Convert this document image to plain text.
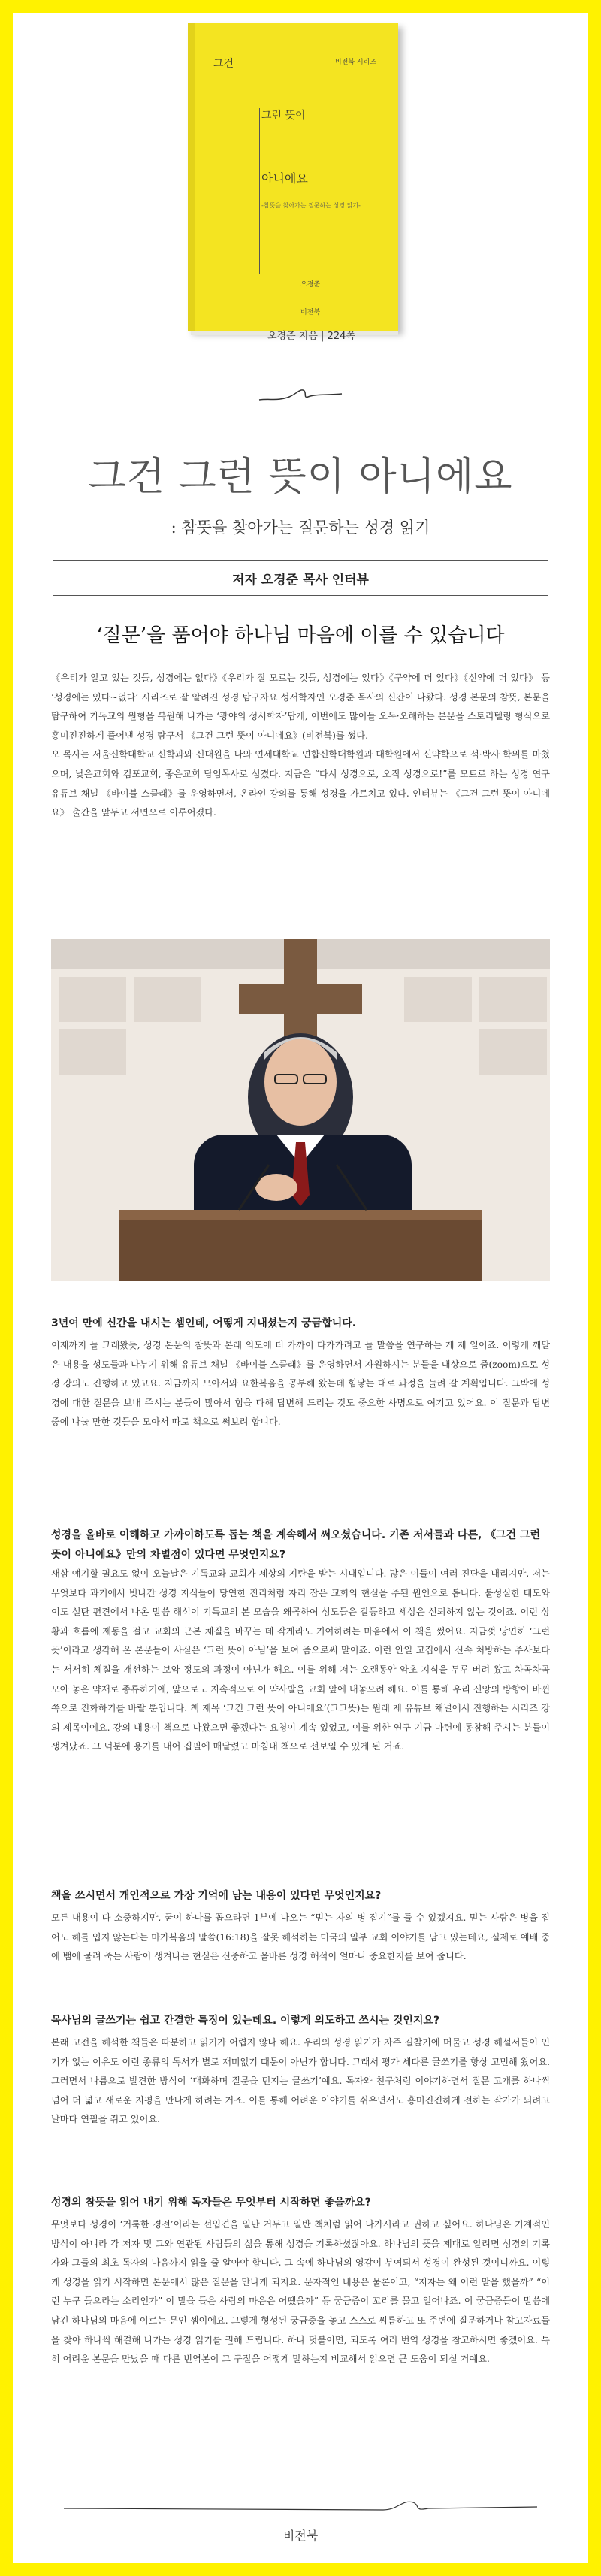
그건	비전북 시리즈
그런 뜻이
아니에요
-참뜻을 찾아가는 질문하는 성경 읽기-
오경준
비전북
오경준 지음 | 224쪽
그건 그런 뜻이 아니에요
: 참뜻을 찾아가는 질문하는 성경 읽기
저자 오경준 목사 인터뷰
‘질문’을 품어야 하나님 마음에 이를 수 있습니다
《우리가 알고 있는 것들, 성경에는 없다》《우리가 잘 모르는 것들, 성경에는 있다》《구약에 더 있다》《신약에 더 있다》 등 ‘성경에는 있다~없다’ 시리즈로 잘 알려진 성경 탐구자요 성서학자인 오경준 목사의 신간이 나왔다. 성경 본문의 참뜻, 본문을 탐구하여 기독교의 원형을 복원해 나가는 ‘광야의 성서학자’답게, 이번에도 많이들 오독·오해하는 본문을 스토리텔링 형식으로 흥미진진하게 풀어낸 성경 탐구서 《그건 그런 뜻이 아니에요》(비전북)를 썼다.
오 목사는 서울신학대학교 신학과와 신대원을 나와 연세대학교 연합신학대학원과 대학원에서 신약학으로 석·박사 학위를 마쳤으며, 낮은교회와 김포교회, 좋은교회 담임목사로 섬겼다. 지금은 “다시 성경으로, 오직 성경으로!”를 모토로 하는 성경 연구 유튜브 채널 《바이블 스클래》를 운영하면서, 온라인 강의를 통해 성경을 가르치고 있다. 인터뷰는 《그건 그런 뜻이 아니에요》 출간을 앞두고 서면으로 이루어졌다.
3년여 만에 신간을 내시는 셈인데, 어떻게 지내셨는지 궁금합니다.
이제까지 늘 그래왔듯, 성경 본문의 참뜻과 본래 의도에 더 가까이 다가가려고 늘 말씀을 연구하는 게 제 일이죠. 이렇게 깨달은 내용을 성도들과 나누기 위해 유튜브 채널 《바이블 스클래》를 운영하면서 자원하시는 분들을 대상으로 줌(zoom)으로 성경 강의도 진행하고 있고요. 지금까지 모아서와 요한복음을 공부해 왔는데 힘닿는 대로 과정을 늘려 갈 계획입니다. 그밖에 성경에 대한 질문을 보내 주시는 분들이 많아서 힘을 다해 답변해 드리는 것도 중요한 사명으로 여기고 있어요. 이 질문과 답변 중에 나눌 만한 것들을 모아서 따로 책으로 써보려 합니다.
성경을 올바로 이해하고 가까이하도록 돕는 책을 계속해서 써오셨습니다. 기존 저서들과 다른, 《그건 그런 뜻이 아니에요》만의 차별점이 있다면 무엇인지요?
새삼 얘기할 필요도 없이 오늘날은 기독교와 교회가 세상의 지탄을 받는 시대입니다. 많은 이들이 여러 진단을 내리지만, 저는 무엇보다 과거에서 빗나간 성경 지식들이 당연한 진리처럼 자리 잡은 교회의 현실을 주된 원인으로 봅니다. 불성실한 태도와 이도 설탄 편견에서 나온 말씀 해석이 기독교의 본 모습을 왜곡하여 성도들은 갈등하고 세상은 신뢰하지 않는 것이죠. 이런 상황과 흐름에 제동을 걸고 교회의 근본 체질을 바꾸는 데 작게라도 기여하려는 마음에서 이 책을 썼어요. 지금껏 당연히 ‘그런 뜻’이라고 생각해 온 본문들이 사실은 ‘그런 뜻이 아님’을 보여 줌으로써 말이죠. 이런 안일 고집에서 신속 처방하는 주사보다는 서서히 체질을 개선하는 보약 정도의 과정이 아닌가 해요. 이를 위해 저는 오랜동안 약초 지식을 두루 버려 왔고 차곡차곡 모아 놓은 약재로 종류하기에, 앞으로도 지속적으로 이 약사발을 교회 앞에 내놓으려 해요. 이를 통해 우리 신앙의 방향이 바뀐 쪽으로 진화하기를 바랄 뿐입니다. 책 제목 ‘그건 그런 뜻이 아니에요’(그그뜻)는 원래 제 유튜브 채널에서 진행하는 시리즈 강의 제목이에요. 강의 내용이 책으로 나왔으면 좋겠다는 요청이 계속 있었고, 이를 위한 연구 기금 마련에 동참해 주시는 분들이 생겨났죠. 그 덕분에 용기를 내어 집필에 매달렸고 마침내 책으로 선보일 수 있게 된 거죠.
책을 쓰시면서 개인적으로 가장 기억에 남는 내용이 있다면 무엇인지요?
모든 내용이 다 소중하지만, 굳이 하나를 꼽으라면 1부에 나오는 “믿는 자의 병 집기”를 들 수 있겠지요. 믿는 사람은 병을 집어도 해를 입지 않는다는 마가복음의 말씀(16:18)을 잘못 해석하는 미국의 일부 교회 이야기를 담고 있는데요, 실제로 예배 중에 뱀에 물려 죽는 사람이 생겨나는 현실은 신중하고 올바른 성경 해석이 얼마나 중요한지를 보여 줍니다.
목사님의 글쓰기는 쉽고 간결한 특징이 있는데요. 이렇게 의도하고 쓰시는 것인지요?
본래 고전을 해석한 책들은 따분하고 읽기가 어렵지 않나 해요. 우리의 성경 읽기가 자주 길찰기에 머물고 성경 해설서들이 인기가 없는 이유도 이런 종류의 독서가 별로 재미없기 때문이 아닌가 합니다. 그래서 평가 세다른 글쓰기를 항상 고민해 왔어요. 그러면서 나름으로 발견한 방식이 ‘대화하며 질문을 던지는 글쓰기’예요. 독자와 친구처럼 이야기하면서 질문 고개를 하나씩 넘어 더 넓고 새로운 지평을 만나게 하려는 거죠. 이를 통해 어려운 이야기를 쉬우면서도 흥미진진하게 전하는 작가가 되려고 날마다 연필을 쥐고 있어요.
성경의 참뜻을 읽어 내기 위해 독자들은 무엇부터 시작하면 좋을까요?
무엇보다 성경이 ‘거룩한 경전’이라는 선입견을 일단 거두고 일반 책처럼 읽어 나가시라고 권하고 싶어요. 하나님은 기계적인 방식이 아니라 각 저자 및 그와 연관된 사람들의 삶을 통해 성경을 기록하셨잖아요. 하나님의 뜻을 제대로 알려면 성경의 기록자와 그들의 최초 독자의 마음까지 읽을 줄 알아야 합니다. 그 속에 하나님의 영감이 부여되서 성경이 완성된 것이니까요. 이렇게 성경을 읽기 시작하면 본문에서 많은 질문을 만나게 되지요. 문자적인 내용은 물론이고, “저자는 왜 이런 말을 했을까” “이런 누구 들으라는 소리인가” 이 말을 들은 사람의 마음은 어땠을까” 등 궁금증이 꼬리를 물고 일어나죠. 이 궁금증들이 말씀에 담긴 하나님의 마음에 이르는 문인 셈이에요. 그렇게 형성된 궁금증을 놓고 스스로 씨름하고 또 주변에 질문하거나 참고자료들을 찾아 하나씩 해결해 나가는 성경 읽기를 권해 드립니다. 하나 덧붙이면, 되도록 여러 번역 성경을 참고하시면 좋겠어요. 특히 어려운 본문을 만났을 때 다른 번역본이 그 구절을 어떻게 말하는지 비교해서 읽으면 큰 도움이 되실 거예요.
비전북
